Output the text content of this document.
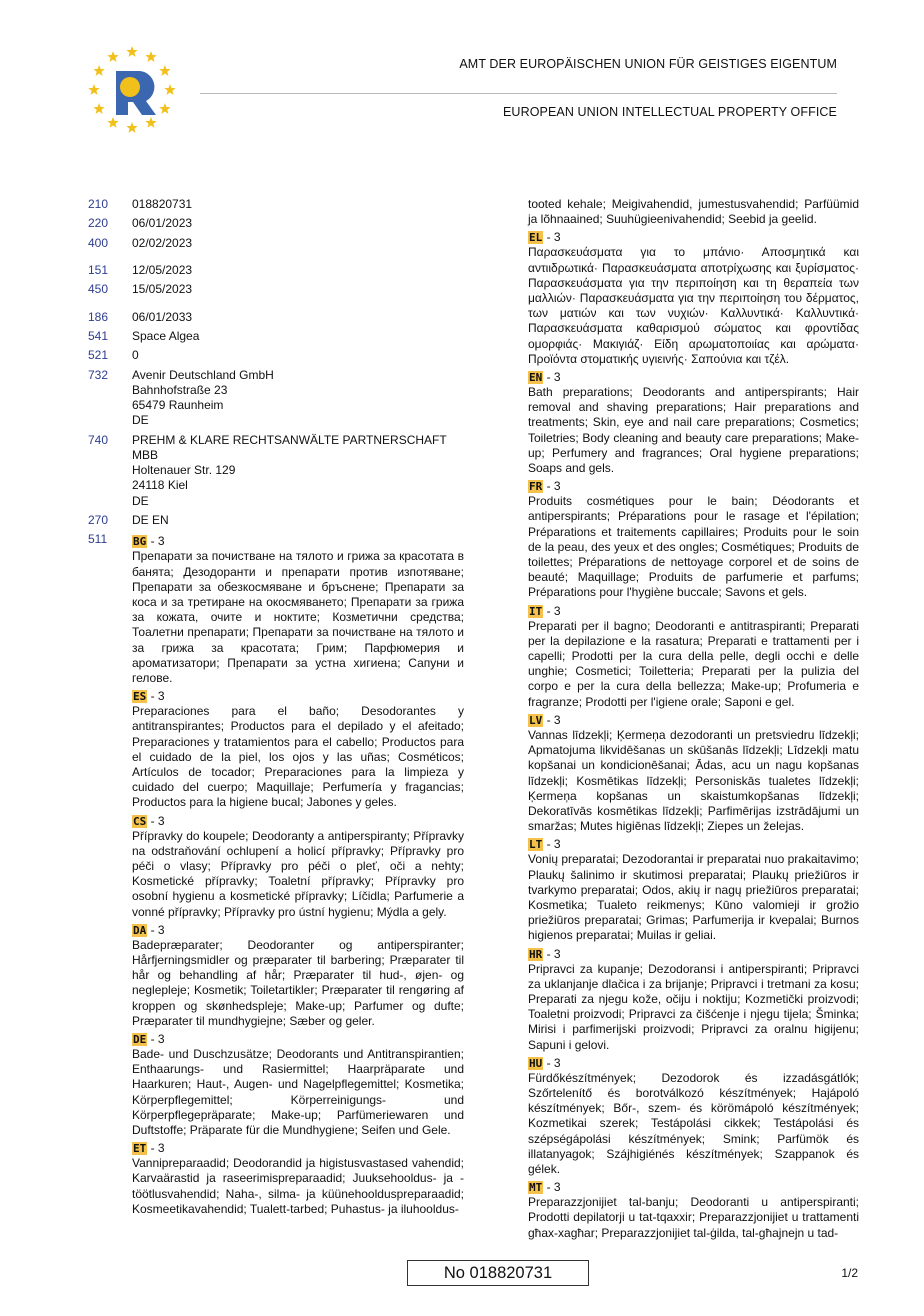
AMT DER EUROPÄISCHEN UNION FÜR GEISTIGES EIGENTUM
EUROPEAN UNION INTELLECTUAL PROPERTY OFFICE
210	018820731
220	06/01/2023
400	02/02/2023
151	12/05/2023
450	15/05/2023
186	06/01/2033
541	Space Algea
521	0
732	Avenir Deutschland GmbH
Bahnhofstraße 23
65479 Raunheim
DE
740	PREHM & KLARE RECHTSANWÄLTE PARTNERSCHAFT MBB
Holtenauer Str. 129
24118 Kiel
DE
270	DE EN
511	BG - 3
Препарати за почистване на тялото и грижа за красотата в банята; Дезодоранти и препарати против изпотяване; Препарати за обезкосмяване и бръснене; Препарати за коса и за третиране на окосмяването; Препарати за грижа за кожата, очите и ноктите; Козметични средства; Тоалетни препарати; Препарати за почистване на тялото и за грижа за красотата; Грим; Парфюмерия и ароматизатори; Препарати за устна хигиена; Сапуни и гелове.
ES - 3
Preparaciones para el baño; Desodorantes y antitranspirantes; Productos para el depilado y el afeitado; Preparaciones y tratamientos para el cabello; Productos para el cuidado de la piel, los ojos y las uñas; Cosméticos; Artículos de tocador; Preparaciones para la limpieza y cuidado del cuerpo; Maquillaje; Perfumería y fragancias; Productos para la higiene bucal; Jabones y geles.
CS - 3
Přípravky do koupele; Deodoranty a antiperspiranty; Přípravky na odstraňování ochlupení a holicí přípravky; Přípravky pro péči o vlasy; Přípravky pro péči o pleť, oči a nehty; Kosmetické přípravky; Toaletní přípravky; Přípravky pro osobní hygienu a kosmetické přípravky; Líčidla; Parfumerie a vonné přípravky; Přípravky pro ústní hygienu; Mýdla a gely.
DA - 3
Badepræparater; Deodoranter og antiperspiranter; Hårfjerningsmidler og præparater til barbering; Præparater til hår og behandling af hår; Præparater til hud-, øjen- og neglepleje; Kosmetik; Toiletartikler; Præparater til rengøring af kroppen og skønhedspleje; Make-up; Parfumer og dufte; Præparater til mundhygiejne; Sæber og geler.
DE - 3
Bade- und Duschzusätze; Deodorants und Antitranspirantien; Enthaarungs- und Rasiermittel; Haarpräparate und Haarkuren; Haut-, Augen- und Nagelpflegemittel; Kosmetika; Körperpflegemittel; Körperreinigungs- und Körperpflegepräparate; Make-up; Parfümeriewaren und Duftstoffe; Präparate für die Mundhygiene; Seifen und Gele.
ET - 3
Vannipreparaadid; Deodorandid ja higistusvastased vahendid; Karvaärastid ja raseerimispreparaadid; Juuksehooldus- ja -töötlusvahendid; Naha-, silma- ja küünehoolduspreparaadid; Kosmeetikavahendid; Tualett-tarbed; Puhastus- ja iluhooldus-
tooted kehale; Meigivahendid, jumestusvahendid; Parfüümid ja lõhnaained; Suuhügieenivahendid; Seebid ja geelid.
EL - 3
Παρασκευάσματα για το μπάνιο· Αποσμητικά και αντιιδρωτικά· Παρασκευάσματα αποτρίχωσης και ξυρίσματος· Παρασκευάσματα για την περιποίηση και τη θεραπεία των μαλλιών· Παρασκευάσματα για την περιποίηση του δέρματος, των ματιών και των νυχιών· Καλλυντικά· Καλλυντικά· Παρασκευάσματα καθαρισμού σώματος και φροντίδας ομορφιάς· Μακιγιάζ· Είδη αρωματοποιίας και αρώματα· Προϊόντα στοματικής υγιεινής· Σαπούνια και τζέλ.
EN - 3
Bath preparations; Deodorants and antiperspirants; Hair removal and shaving preparations; Hair preparations and treatments; Skin, eye and nail care preparations; Cosmetics; Toiletries; Body cleaning and beauty care preparations; Make-up; Perfumery and fragrances; Oral hygiene preparations; Soaps and gels.
FR - 3
Produits cosmétiques pour le bain; Déodorants et antiperspirants; Préparations pour le rasage et l'épilation; Préparations et traitements capillaires; Produits pour le soin de la peau, des yeux et des ongles; Cosmétiques; Produits de toilettes; Préparations de nettoyage corporel et de soins de beauté; Maquillage; Produits de parfumerie et parfums; Préparations pour l'hygiène buccale; Savons et gels.
IT - 3
Preparati per il bagno; Deodoranti e antitraspiranti; Preparati per la depilazione e la rasatura; Preparati e trattamenti per i capelli; Prodotti per la cura della pelle, degli occhi e delle unghie; Cosmetici; Toiletteria; Preparati per la pulizia del corpo e per la cura della bellezza; Make-up; Profumeria e fragranze; Prodotti per l'igiene orale; Saponi e gel.
LV - 3
Vannas līdzekļi; Ķermeņa dezodoranti un pretsviedru līdzekļi; Apmatojuma likvidēšanas un skūšanās līdzekļi; Līdzekļi matu kopšanai un kondicionēšanai; Ādas, acu un nagu kopšanas līdzekļi; Kosmētikas līdzekļi; Personiskās tualetes līdzekļi; Ķermeņa kopšanas un skaistumkopšanas līdzekļi; Dekoratīvās kosmētikas līdzekļi; Parfimērijas izstrādājumi un smaržas; Mutes higiēnas līdzekļi; Ziepes un želejas.
LT - 3
Vonių preparatai; Dezodorantai ir preparatai nuo prakaitavimo; Plaukų šalinimo ir skutimosi preparatai; Plaukų priežiūros ir tvarkymo preparatai; Odos, akių ir nagų priežiūros preparatai; Kosmetika; Tualeto reikmenys; Kūno valomieji ir grožio priežiūros preparatai; Grimas; Parfumerija ir kvepalai; Burnos higienos preparatai; Muilas ir geliai.
HR - 3
Pripravci za kupanje; Dezodoransi i antiperspiranti; Pripravci za uklanjanje dlačica i za brijanje; Pripravci i tretmani za kosu; Preparati za njegu kože, očiju i noktiju; Kozmetički proizvodi; Toaletni proizvodi; Pripravci za čišćenje i njegu tijela; Šminka; Mirisi i parfimerijski proizvodi; Pripravci za oralnu higijenu; Sapuni i gelovi.
HU - 3
Fürdőkészítmények; Dezodorok és izzadásgátlók; Szőrtelenítő és borotválkozó készítmények; Hajápoló készítmények; Bőr-, szem- és körömápoló készítmények; Kozmetikai szerek; Testápolási cikkek; Testápolási és szépségápolási készítmények; Smink; Parfümök és illatanyagok; Szájhigiénés készítmények; Szappanok és gélek.
MT - 3
Preparazzjonijiet tal-banju; Deodoranti u antiperspiranti; Prodotti depilatorji u tat-tqaxxir; Preparazzjonijiet u trattamenti għax-xagħar; Preparazzjonijiet tal-ġilda, tal-għajnejn u tad-
No 018820731	1/2
